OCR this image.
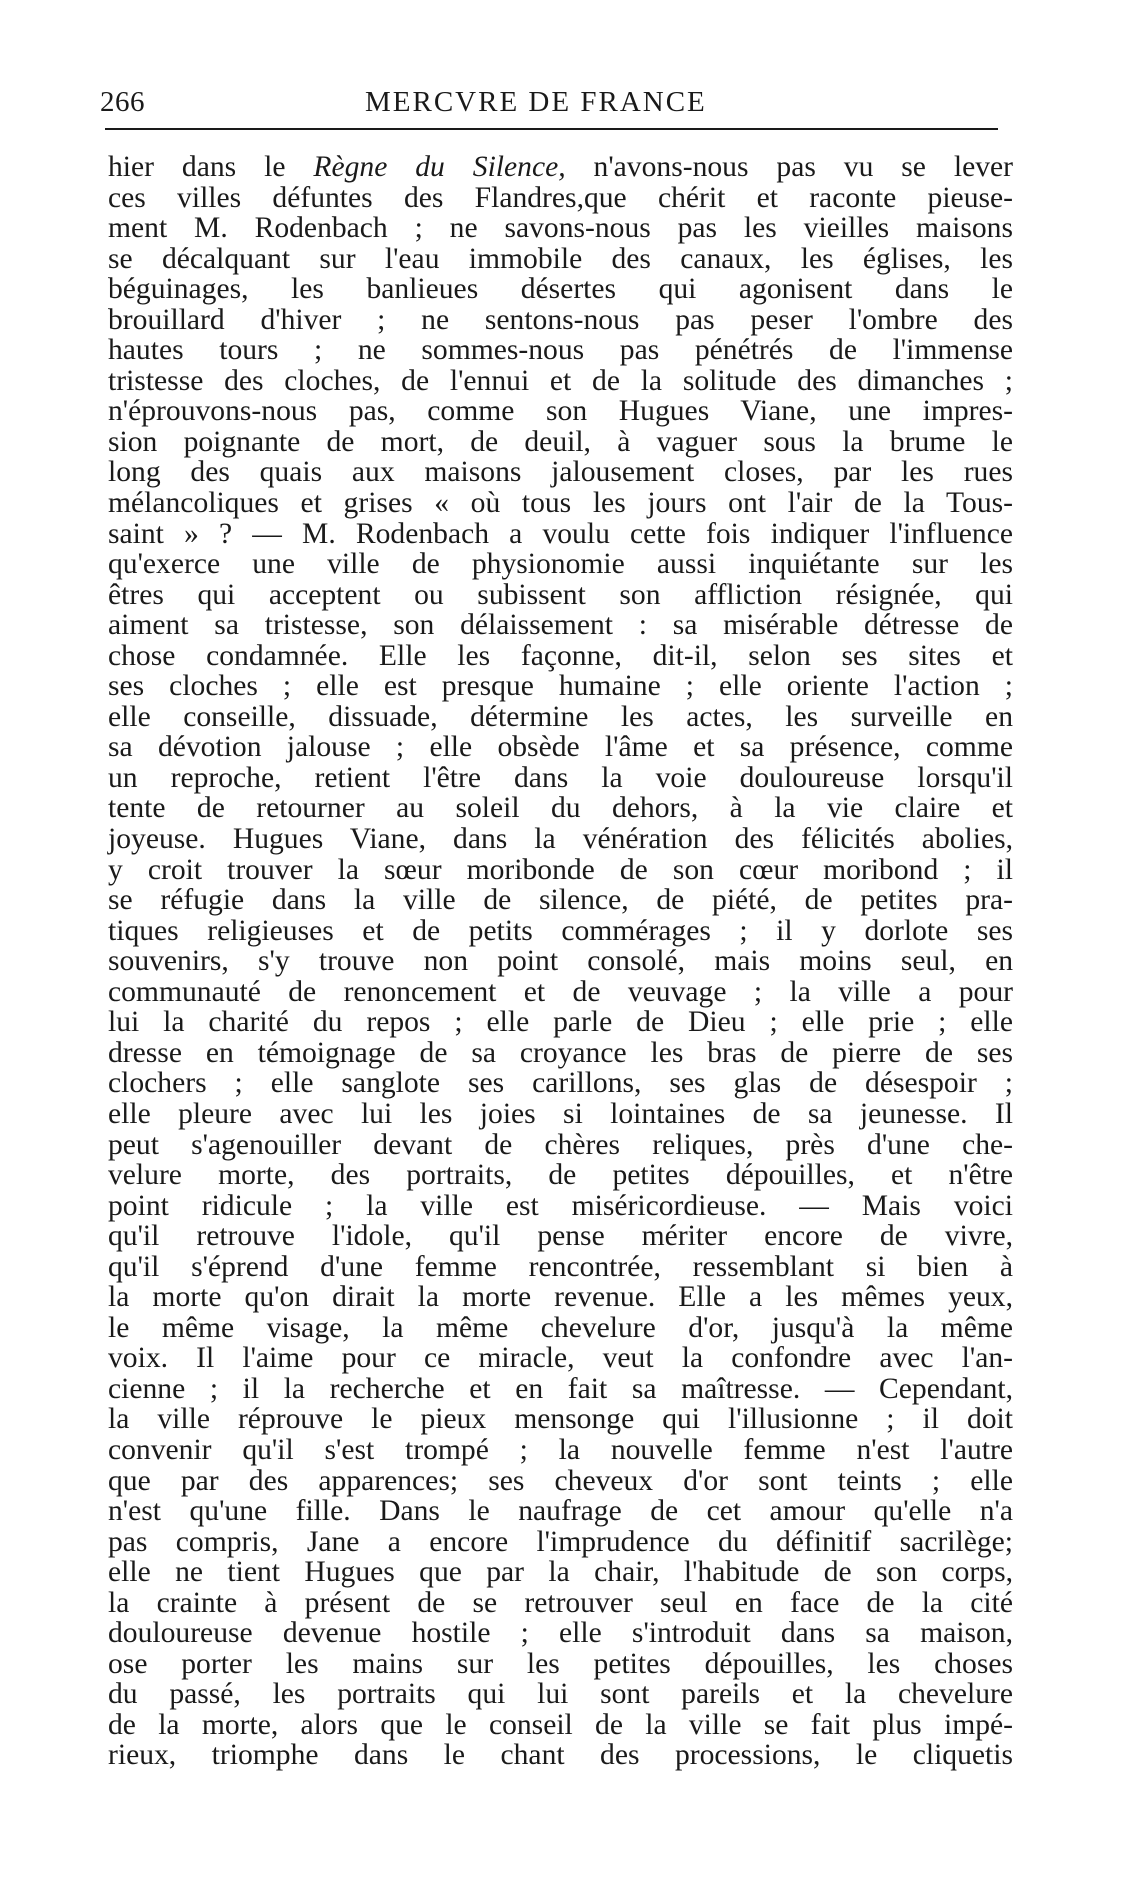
266	MERCVRE DE FRANCE
hier dans le Règne du Silence, n'avons-nous pas vu se lever
ces villes défuntes des Flandres,que chérit et raconte pieuse-
ment M. Rodenbach ; ne savons-nous pas les vieilles maisons
se décalquant sur l'eau immobile des canaux, les églises, les
béguinages, les banlieues désertes qui agonisent dans le
brouillard d'hiver ; ne sentons-nous pas peser l'ombre des
hautes tours ; ne sommes-nous pas pénétrés de l'immense
tristesse des cloches, de l'ennui et de la solitude des dimanches ;
n'éprouvons-nous pas, comme son Hugues Viane, une impres-
sion poignante de mort, de deuil, à vaguer sous la brume le
long des quais aux maisons jalousement closes, par les rues
mélancoliques et grises « où tous les jours ont l'air de la Tous-
saint » ? — M. Rodenbach a voulu cette fois indiquer l'influence
qu'exerce une ville de physionomie aussi inquiétante sur les
êtres qui acceptent ou subissent son affliction résignée, qui
aiment sa tristesse, son délaissement : sa misérable détresse de
chose condamnée. Elle les façonne, dit-il, selon ses sites et
ses cloches ; elle est presque humaine ; elle oriente l'action ;
elle conseille, dissuade, détermine les actes, les surveille en
sa dévotion jalouse ; elle obsède l'âme et sa présence, comme
un reproche, retient l'être dans la voie douloureuse lorsqu'il
tente de retourner au soleil du dehors, à la vie claire et
joyeuse. Hugues Viane, dans la vénération des félicités abolies,
y croit trouver la sœur moribonde de son cœur moribond ; il
se réfugie dans la ville de silence, de piété, de petites pra-
tiques religieuses et de petits commérages ; il y dorlote ses
souvenirs, s'y trouve non point consolé, mais moins seul, en
communauté de renoncement et de veuvage ; la ville a pour
lui la charité du repos ; elle parle de Dieu ; elle prie ; elle
dresse en témoignage de sa croyance les bras de pierre de ses
clochers ; elle sanglote ses carillons, ses glas de désespoir ;
elle pleure avec lui les joies si lointaines de sa jeunesse. Il
peut s'agenouiller devant de chères reliques, près d'une che-
velure morte, des portraits, de petites dépouilles, et n'être
point ridicule ; la ville est miséricordieuse. — Mais voici
qu'il retrouve l'idole, qu'il pense mériter encore de vivre,
qu'il s'éprend d'une femme rencontrée, ressemblant si bien à
la morte qu'on dirait la morte revenue. Elle a les mêmes yeux,
le même visage, la même chevelure d'or, jusqu'à la même
voix. Il l'aime pour ce miracle, veut la confondre avec l'an-
cienne ; il la recherche et en fait sa maîtresse. — Cependant,
la ville réprouve le pieux mensonge qui l'illusionne ; il doit
convenir qu'il s'est trompé ; la nouvelle femme n'est l'autre
que par des apparences; ses cheveux d'or sont teints ; elle
n'est qu'une fille. Dans le naufrage de cet amour qu'elle n'a
pas compris, Jane a encore l'imprudence du définitif sacrilège;
elle ne tient Hugues que par la chair, l'habitude de son corps,
la crainte à présent de se retrouver seul en face de la cité
douloureuse devenue hostile ; elle s'introduit dans sa maison,
ose porter les mains sur les petites dépouilles, les choses
du passé, les portraits qui lui sont pareils et la chevelure
de la morte, alors que le conseil de la ville se fait plus impé-
rieux, triomphe dans le chant des processions, le cliquetis
